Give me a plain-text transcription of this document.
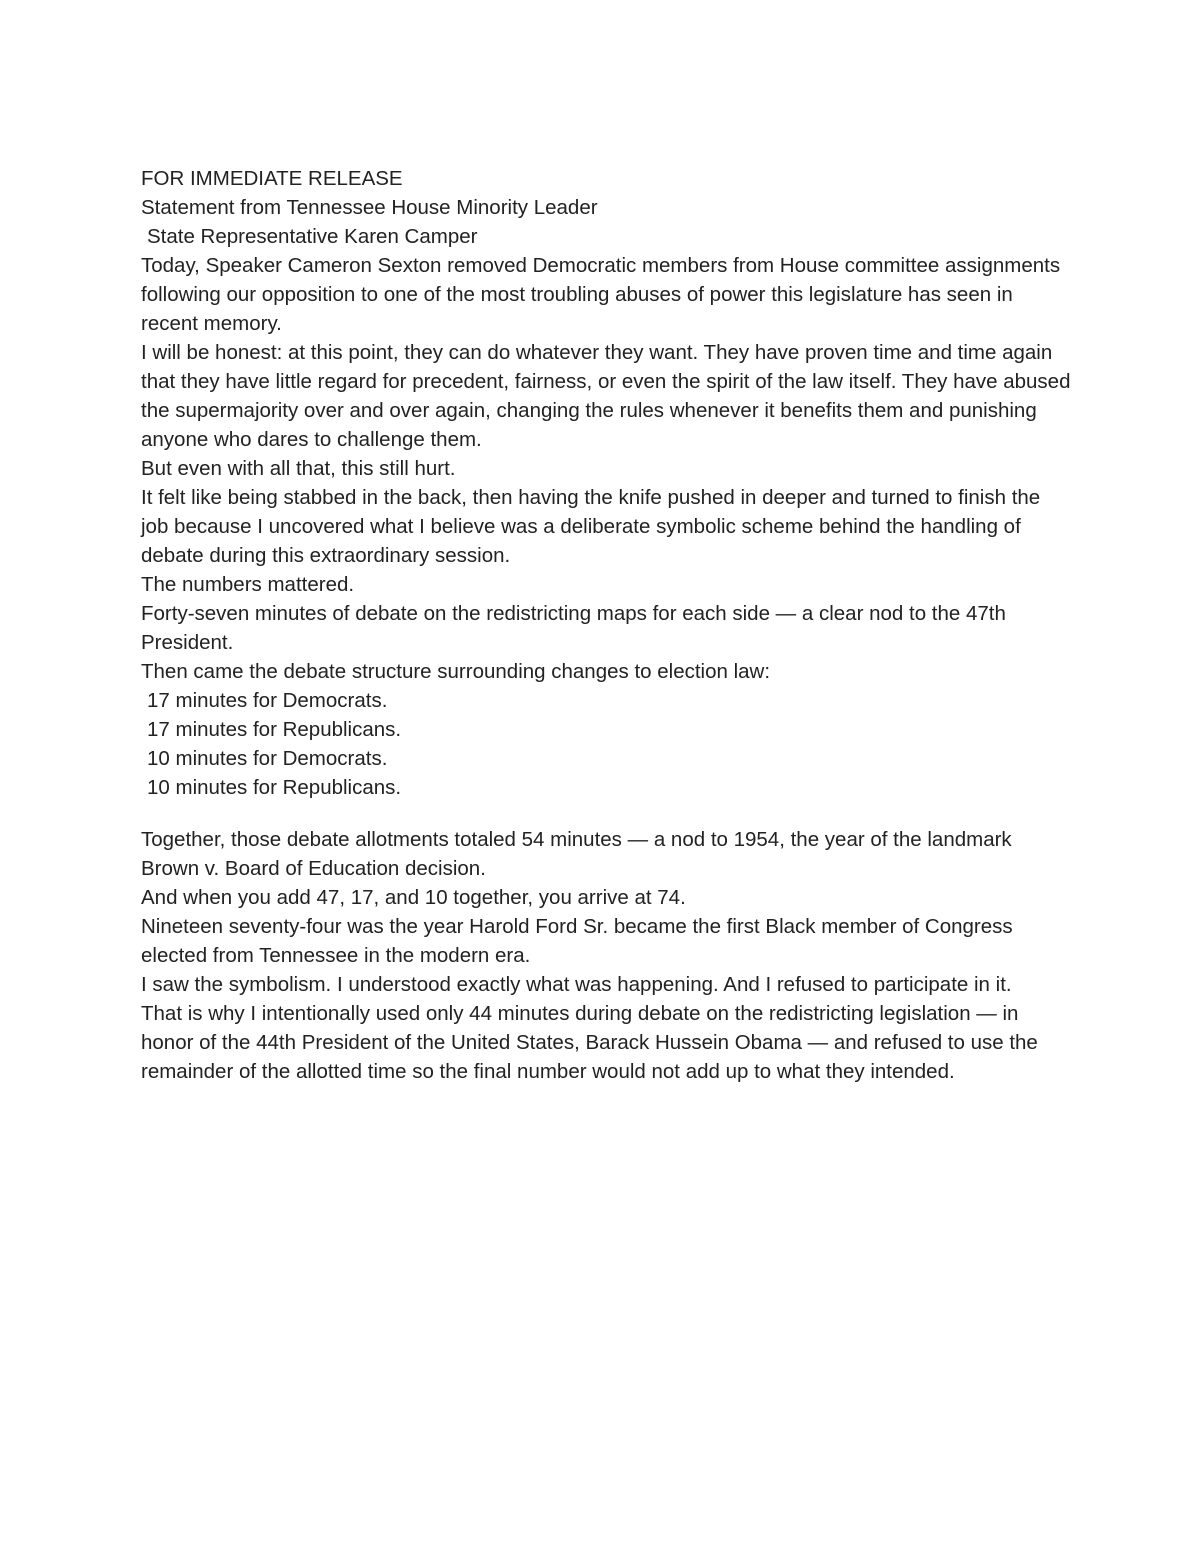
FOR IMMEDIATE RELEASE

Statement from Tennessee House Minority Leader
State Representative Karen Camper

Today, Speaker Cameron Sexton removed Democratic members from House committee assignments following our opposition to one of the most troubling abuses of power this legislature has seen in recent memory.

I will be honest: at this point, they can do whatever they want. They have proven time and time again that they have little regard for precedent, fairness, or even the spirit of the law itself. They have abused the supermajority over and over again, changing the rules whenever it benefits them and punishing anyone who dares to challenge them.

But even with all that, this still hurt.

It felt like being stabbed in the back, then having the knife pushed in deeper and turned to finish the job because I uncovered what I believe was a deliberate symbolic scheme behind the handling of debate during this extraordinary session.

The numbers mattered.

Forty-seven minutes of debate on the redistricting maps for each side — a clear nod to the 47th President.

Then came the debate structure surrounding changes to election law:

17 minutes for Democrats.
17 minutes for Republicans.
10 minutes for Democrats.
10 minutes for Republicans.

Together, those debate allotments totaled 54 minutes — a nod to 1954, the year of the landmark Brown v. Board of Education decision.

And when you add 47, 17, and 10 together, you arrive at 74.

Nineteen seventy-four was the year Harold Ford Sr. became the first Black member of Congress elected from Tennessee in the modern era.

I saw the symbolism. I understood exactly what was happening. And I refused to participate in it.

That is why I intentionally used only 44 minutes during debate on the redistricting legislation — in honor of the 44th President of the United States, Barack Hussein Obama — and refused to use the remainder of the allotted time so the final number would not add up to what they intended.
